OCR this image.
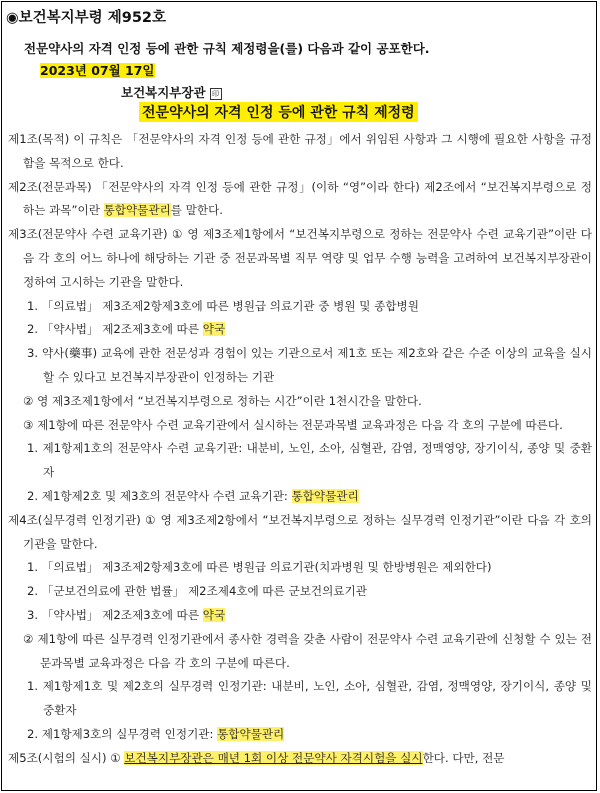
◉보건복지부령 제952호
전문약사의 자격 인정 등에 관한 규칙 제정령을(를) 다음과 같이 공포한다.
2023년 07월 17일
보건복지부장관 印
전문약사의 자격 인정 등에 관한 규칙 제정령

제1조(목적) 이 규칙은 「전문약사의 자격 인정 등에 관한 규정」에서 위임된 사항과 그 시행에 필요한 사항을 규정함을 목적으로 한다.

제2조(전문과목) 「전문약사의 자격 인정 등에 관한 규정」(이하 “영”이라 한다) 제2조에서 “보건복지부령으로 정하는 과목”이란 통합약물관리를 말한다.

제3조(전문약사 수련 교육기관) ① 영 제3조제1항에서 “보건복지부령으로 정하는 전문약사 수련 교육기관”이란 다음 각 호의 어느 하나에 해당하는 기관 중 전문과목별 직무 역량 및 업무 수행 능력을 고려하여 보건복지부장관이 정하여 고시하는 기관을 말한다.

1. 「의료법」 제3조제2항제3호에 따른 병원급 의료기관 중 병원 및 종합병원

2. 「약사법」 제2조제3호에 따른 약국

3. 약사(藥事) 교육에 관한 전문성과 경험이 있는 기관으로서 제1호 또는 제2호와 같은 수준 이상의 교육을 실시할 수 있다고 보건복지부장관이 인정하는 기관

② 영 제3조제1항에서 “보건복지부령으로 정하는 시간”이란 1천시간을 말한다.

③ 제1항에 따른 전문약사 수련 교육기관에서 실시하는 전문과목별 교육과정은 다음 각 호의 구분에 따른다.

1. 제1항제1호의 전문약사 수련 교육기관: 내분비, 노인, 소아, 심혈관, 감염, 정맥영양, 장기이식, 종양 및 중환자

2. 제1항제2호 및 제3호의 전문약사 수련 교육기관: 통합약물관리

제4조(실무경력 인정기관) ① 영 제3조제2항에서 “보건복지부령으로 정하는 실무경력 인정기관”이란 다음 각 호의 기관을 말한다.

1. 「의료법」 제3조제2항제3호에 따른 병원급 의료기관(치과병원 및 한방병원은 제외한다)

2. 「군보건의료에 관한 법률」 제2조제4호에 따른 군보건의료기관

3. 「약사법」 제2조제3호에 따른 약국

② 제1항에 따른 실무경력 인정기관에서 종사한 경력을 갖춘 사람이 전문약사 수련 교육기관에 신청할 수 있는 전문과목별 교육과정은 다음 각 호의 구분에 따른다.

1. 제1항제1호 및 제2호의 실무경력 인정기관: 내분비, 노인, 소아, 심혈관, 감염, 정맥영양, 장기이식, 종양 및 중환자

2. 제1항제3호의 실무경력 인정기관: 통합약물관리

제5조(시험의 실시) ① 보건복지부장관은 매년 1회 이상 전문약사 자격시험을 실시한다. 다만, 전문
